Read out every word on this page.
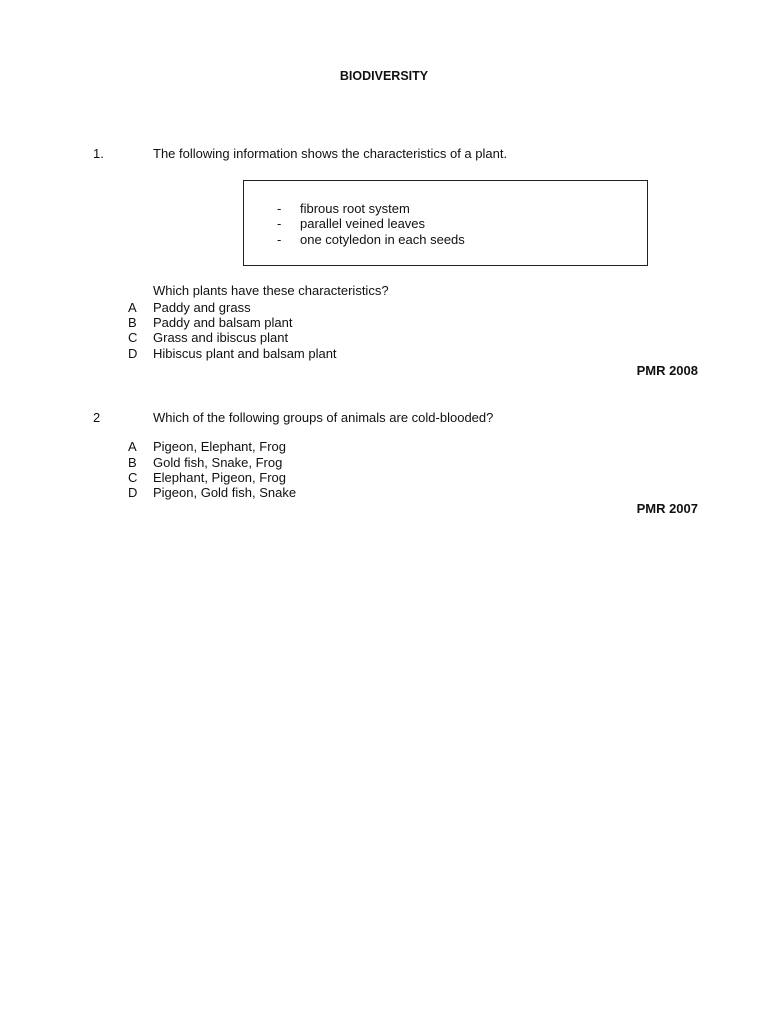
BIODIVERSITY
1.	The following information shows the characteristics of a plant.
- fibrous root system
- parallel veined leaves
- one cotyledon in each seeds
Which plants have these characteristics?
A Paddy and grass
B Paddy and balsam plant
C Grass and ibiscus plant
D Hibiscus plant and balsam plant
PMR 2008
2	Which of the following groups of animals are cold-blooded?
A Pigeon, Elephant, Frog
B Gold fish, Snake, Frog
C Elephant, Pigeon, Frog
D Pigeon, Gold fish, Snake
PMR 2007
